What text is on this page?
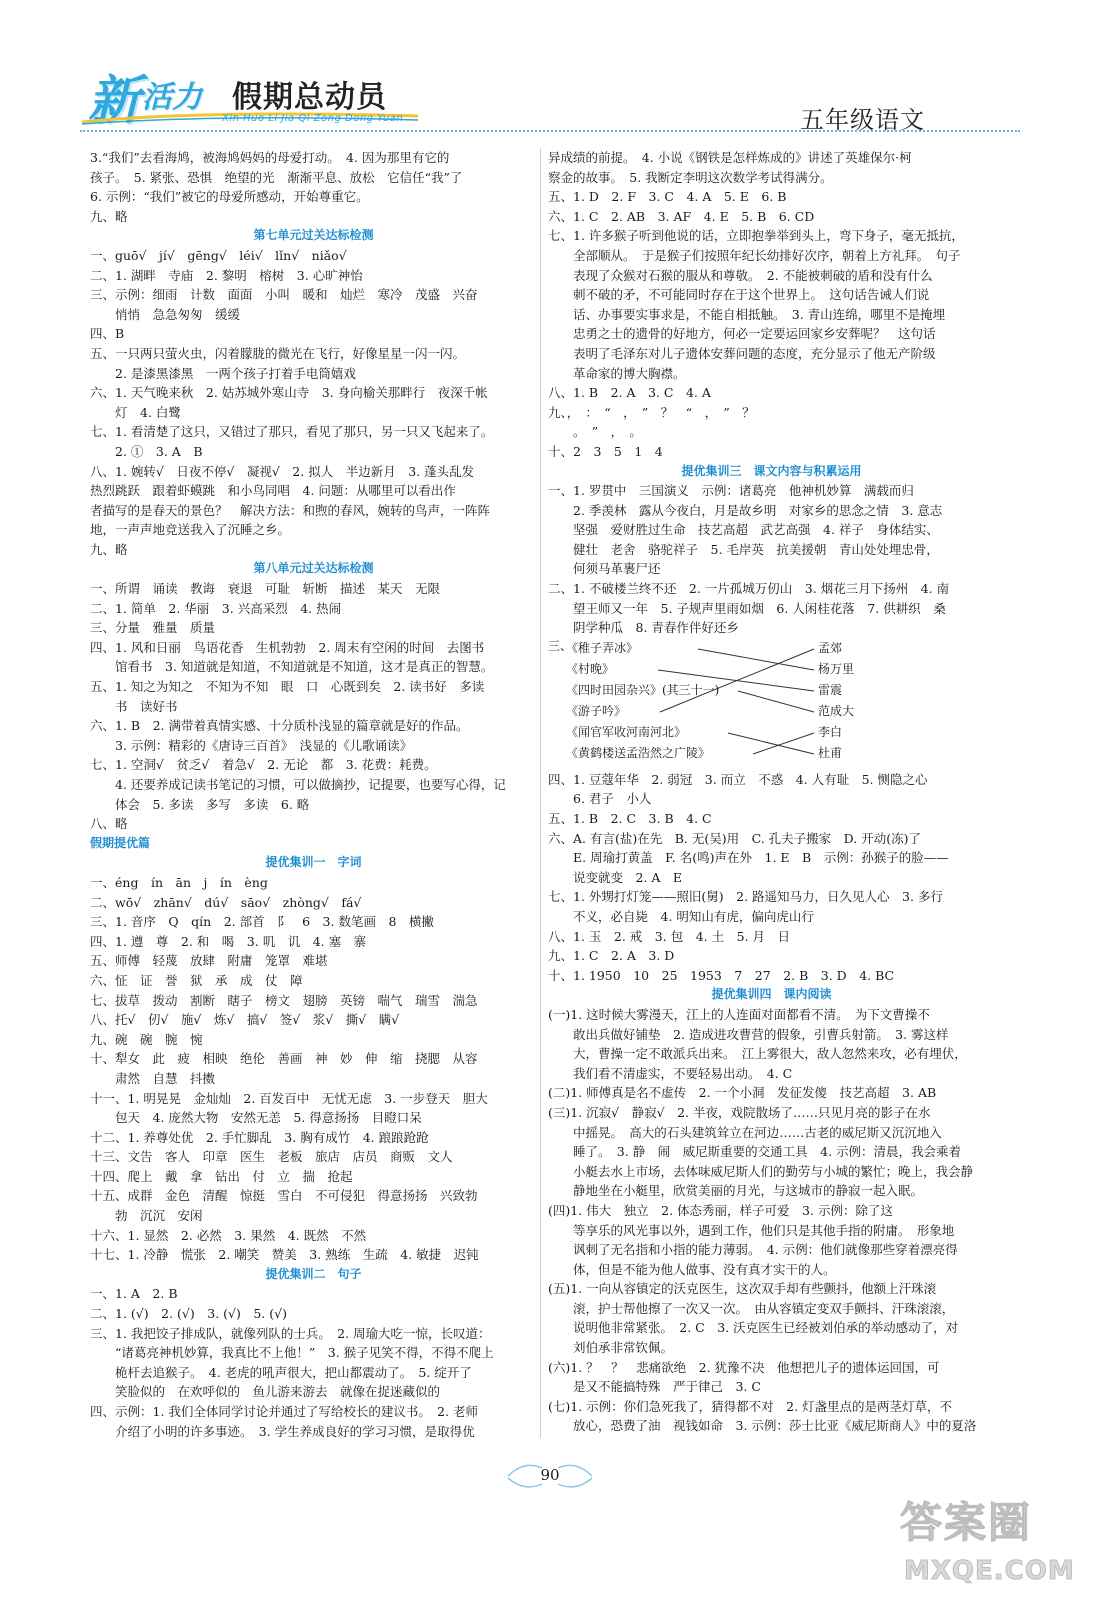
新 活力 假期总动员
Xin Huo Li Jia Qi Zong Dong Yuan	五年级语文
3.“我们”去看海鸠，被海鸠妈妈的母爱打动。　4. 因为那里有它的
孩子。　5. 紧张、恐惧　绝望的光　渐渐平息、放松　它信任“我”了
6. 示例：“我们”被它的母爱所感动，开始尊重它。
九、略
第七单元过关达标检测
一、guō√　jí√　gēng√　léi√　lǐn√　niǎo√
二、1. 湖畔　寺庙　2. 黎明　榕树　3. 心旷神怡
三、示例：细雨　计数　面面　小叫　暖和　灿烂　寒冷　茂盛　兴奋
　　悄悄　急急匆匆　缓缓
四、B
五、一只两只萤火虫，闪着朦胧的微光在飞行，好像星星一闪一闪。
　　2. 是漆黑漆黑　一两个孩子打着手电筒嬉戏
六、1. 天气晚来秋　2. 姑苏城外寒山寺　3. 身向榆关那畔行　夜深千帐
　　灯　4. 白鹭
七、1. 看清楚了这只，又错过了那只，看见了那只，另一只又飞起来了。
　　2. ①　3. A　B
八、1. 婉转√　日夜不停√　凝视√　2. 拟人　半边新月　3. 蓬头乱发
热烈跳跃　跟着虾蟆跳　和小鸟同唱　4. 问题：从哪里可以看出作
者描写的是春天的景色？　解决方法：和煦的春风，婉转的鸟声，一阵阵
地，一声声地竞送我入了沉睡之乡。
九、略
第八单元过关达标检测
一、所谓　诵读　教诲　衰退　可耻　斩断　描述　某天　无限
二、1. 简单　2. 华丽　3. 兴高采烈　4. 热闹
三、分量　雅量　质量
四、1. 风和日丽　鸟语花香　生机勃勃　2. 周末有空闲的时间　去图书
　　馆看书　3. 知道就是知道，不知道就是不知道，这才是真正的智慧。
五、1. 知之为知之　不知为不知　眼　口　心既到矣　2. 读书好　多读
　　书　读好书
六、1. B　2. 满带着真情实感、十分质朴浅显的篇章就是好的作品。
　　3. 示例：精彩的《唐诗三百首》　浅显的《儿歌诵读》
七、1. 空洞√　贫乏√　着急√　2. 无论　都　3. 花费：耗费。
　　4. 还要养成记读书笔记的习惯，可以做摘抄，记提要，也要写心得，记
　　体会　5. 多读　多写　多读　6. 略
八、略
假期提优篇
提优集训一　字词
一、éng　ín　ān　j　ín　èng
二、wō√　zhān√　dú√　sāo√　zhòng√　fá√
三、1. 音序　Q　qín　2. 部首　阝　6　3. 数笔画　8　横撇
四、1. 遵　尊　2. 和　喝　3. 叽　讥　4. 塞　寨
五、师傅　轻蔑　放肆　附庸　笼罩　难堪
六、怔　证　誉　狱　承　成　仗　障
七、拔草　拨动　割断　瞎子　榜文　翅膀　英镑　喘气　瑞雪　湍急
八、托√　仞√　施√　炼√　搞√　签√　浆√　撕√　瞒√
九、碗　碗　腕　惋
十、犁女　此　疲　相映　绝伦　善画　神　妙　伸　缩　挠腮　从容
　　肃然　自慧　抖擞
十一、1. 明晃晃　金灿灿　2. 百发百中　无忧无虑　3. 一步登天　胆大
　　包天　4. 庞然大物　安然无恙　5. 得意扬扬　目瞪口呆
十二、1. 养尊处优　2. 手忙脚乱　3. 胸有成竹　4. 踉踉跄跄
十三、文告　客人　印章　医生　老板　旅店　店员　商贩　文人
十四、爬上　戴　拿　钻出　付　立　揣　抢起
十五、成群　金色　清醒　惊挺　雪白　不可侵犯　得意扬扬　兴致勃
　　勃　沉沉　安闲
十六、1. 显然　2. 必然　3. 果然　4. 既然　不然
十七、1. 冷静　慌张　2. 嘲笑　赞美　3. 熟练　生疏　4. 敏捷　迟钝
提优集训二　句子
一、1. A　2. B
二、1. (√)　2. (√)　3. (√)　5. (√)
三、1. 我把饺子排成队，就像列队的士兵。　2. 周瑜大吃一惊，长叹道：
　　“诸葛亮神机妙算，我真比不上他！”　3. 猴子见笑不得，不得不爬上
　　桅杆去追猴子。　4. 老虎的吼声很大，把山都震动了。　5. 绽开了
　　笑脸似的　在欢呼似的　鱼儿游来游去　就像在捉迷藏似的
四、示例：1. 我们全体同学讨论并通过了写给校长的建议书。　2. 老师
　　介绍了小明的许多事迹。　3. 学生养成良好的学习习惯，是取得优
异成绩的前提。　4. 小说《钢铁是怎样炼成的》讲述了英雄保尔·柯
察金的故事。　5. 我断定李明这次数学考试得满分。
五、1. D　2. F　3. C　4. A　5. E　6. B
六、1. C　2. AB　3. AF　4. E　5. B　6. CD
七、1. 许多猴子听到他说的话，立即抱拳举到头上，弯下身子，毫无抵抗，
　　全部顺从。　于是猴子们按照年纪长幼排好次序，朝着上方礼拜。　句子
　　表现了众猴对石猴的服从和尊敬。　2. 不能被刺破的盾和没有什么
　　刺不破的矛，不可能同时存在于这个世界上。　这句话告诫人们说
　　话、办事要实事求是，不能自相抵触。　3. 青山连绵，哪里不是掩埋
　　忠勇之士的遗骨的好地方，何必一定要运回家乡安葬呢？　这句话
　　表明了毛泽东对儿子遗体安葬问题的态度，充分显示了他无产阶级
　　革命家的博大胸襟。
八、1. B　2. A　3. C　4. A
九、，　：　“　，　”　？　“　，　”　？
　　。　”　，　。
十、2　3　5　1　4
提优集训三　课文内容与积累运用
一、1. 罗贯中　三国演义　示例：诸葛亮　他神机妙算　满载而归
　　2. 季羡林　露从今夜白，月是故乡明　对家乡的思念之情　3. 意志
　　坚强　爱财胜过生命　技艺高超　武艺高强　4. 祥子　身体结实、
　　健壮　老舍　骆驼祥子　5. 毛岸英　抗美援朝　青山处处埋忠骨，
　　何须马革裹尸还
二、1. 不破楼兰终不还　2. 一片孤城万仞山　3. 烟花三月下扬州　4. 南
　　望王师又一年　5. 子规声里雨如烟　6. 人闲桂花落　7. 供耕织　桑
　　阴学种瓜　8. 青春作伴好还乡
三、
《稚子弄冰》
《村晚》
《四时田园杂兴》(其三十一)
《游子吟》
《闻官军收河南河北》
《黄鹤楼送孟浩然之广陵》
孟郊
杨万里
雷震
范成大
李白
杜甫
四、1. 豆蔻年华　2. 弱冠　3. 而立　不惑　4. 人有耻　5. 恻隐之心
　　6. 君子　小人
五、1. B　2. C　3. B　4. C
六、A. 有言(盐)在先　B. 无(吴)用　C. 孔夫子搬家　D. 开动(冻)了
　　E. 周瑜打黄盖　F. 名(鸣)声在外　1. E　B　示例：孙猴子的脸——
　　说变就变　2. A　E
七、1. 外甥打灯笼——照旧(舅)　2. 路遥知马力，日久见人心　3. 多行
　　不义，必自毙　4. 明知山有虎，偏向虎山行
八、1. 玉　2. 戒　3. 包　4. 土　5. 月　日
九、1. C　2. A　3. D
十、1. 1950　10　25　1953　7　27　2. B　3. D　4. BC
提优集训四　课内阅读
(一)1. 这时候大雾漫天，江上的人连面对面都看不清。　为下文曹操不
　　敢出兵做好铺垫　2. 造成进攻曹营的假象，引曹兵射箭。　3. 雾这样
　　大，曹操一定不敢派兵出来。　江上雾很大，敌人忽然来攻，必有埋伏，
　　我们看不清虚实，不要轻易出动。　4. C
(二)1. 师傅真是名不虚传　2. 一个小洞　发征发傻　技艺高超　3. AB
(三)1. 沉寂√　静寂√　2. 半夜，戏院散场了……只见月亮的影子在水
　　中摇晃。　高大的石头建筑耸立在河边……古老的威尼斯又沉沉地入
　　睡了。　3. 静　闹　威尼斯重要的交通工具　4. 示例：清晨，我会乘着
　　小艇去水上市场，去体味威尼斯人们的勤劳与小城的繁忙；晚上，我会静
　　静地坐在小艇里，欣赏美丽的月光，与这城市的静寂一起入眠。
(四)1. 伟大　独立　2. 体态秀丽，样子可爱　3. 示例：除了这
　　等享乐的风光事以外，遇到工作，他们只是其他手指的附庸。　形象地
　　讽刺了无名指和小指的能力薄弱。　4. 示例：他们就像那些穿着漂亮得
　　体，但是不能为他人做事、没有真才实干的人。
(五)1. 一向从容镇定的沃克医生，这次双手却有些颤抖，他额上汗珠滚
　　滚，护士帮他擦了一次又一次。　由从容镇定变双手颤抖、汗珠滚滚，
　　说明他非常紧张。　2. C　3. 沃克医生已经被刘伯承的举动感动了，对
　　刘伯承非常钦佩。
(六)1. ？　？　悲痛欲绝　2. 犹豫不决　他想把儿子的遗体运回国，可
　　是又不能搞特殊　严于律己　3. C
(七)1. 示例：你们急死我了，猜得都不对　2. 灯盏里点的是两茎灯草，不
　　放心，恐费了油　视钱如命　3. 示例：莎士比亚《威尼斯商人》中的夏洛
90
答案圈
MXQE.COM
